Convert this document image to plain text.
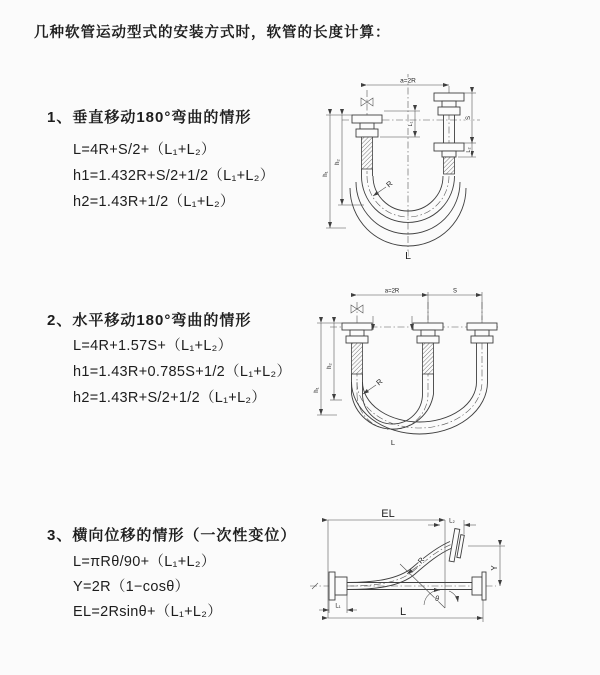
几种软管运动型式的安装方式时，软管的长度计算：
1、垂直移动180°弯曲的情形
L=4R+S/2+（L₁+L₂）
h1=1.432R+S/2+1/2（L₁+L₂）
h2=1.43R+1/2（L₁+L₂）
2、水平移动180°弯曲的情形
L=4R+1.57S+（L₁+L₂）
h1=1.43R+0.785S+1/2（L₁+L₂）
h2=1.43R+S/2+1/2（L₁+L₂）
3、横向位移的情形（一次性变位）
L=πRθ/90+（L₁+L₂）
Y=2R（1−cosθ）
EL=2Rsinθ+（L₁+L₂）
a=2R
S
L₂
h₁
h₂
L₁
R
L
a=2R	S
h₁
h₂
R
L
EL
L₂
Y
R
θ
L
L₁
